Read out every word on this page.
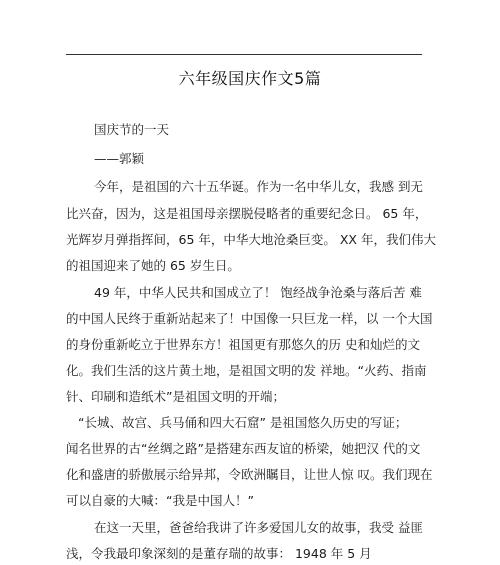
六年级国庆作文5篇
国庆节的一天
——郭颖
今年，是祖国的六十五华诞。作为一名中华儿女，我感 到无
比兴奋，因为，这是祖国母亲摆脱侵略者的重要纪念日。 65 年，
光辉岁月弹指挥间，65 年，中华大地沧桑巨变。 XX 年，我们伟大
的祖国迎来了她的 65 岁生日。
49 年，中华人民共和国成立了！ 饱经战争沧桑与落后苦 难
的中国人民终于重新站起来了！中国像一只巨龙一样，以 一个大国
的身份重新屹立于世界东方！祖国更有那悠久的历 史和灿烂的文
化。我们生活的这片黄土地，是祖国文明的发 祥地。“火药、指南
针、印刷和造纸术”是祖国文明的开端；
“长城、故宫、兵马俑和四大石窟” 是祖国悠久历史的写证；
闻名世界的古“丝绸之路”是搭建东西友谊的桥梁，她把汉 代的文
化和盛唐的骄傲展示给异邦，令欧洲瞩目，让世人惊 叹。我们现在
可以自豪的大喊：“我是中国人！”
在这一天里，爸爸给我讲了许多爱国儿女的故事，我受 益匪
浅，令我最印象深刻的是董存瑞的故事： 1948 年 5 月
